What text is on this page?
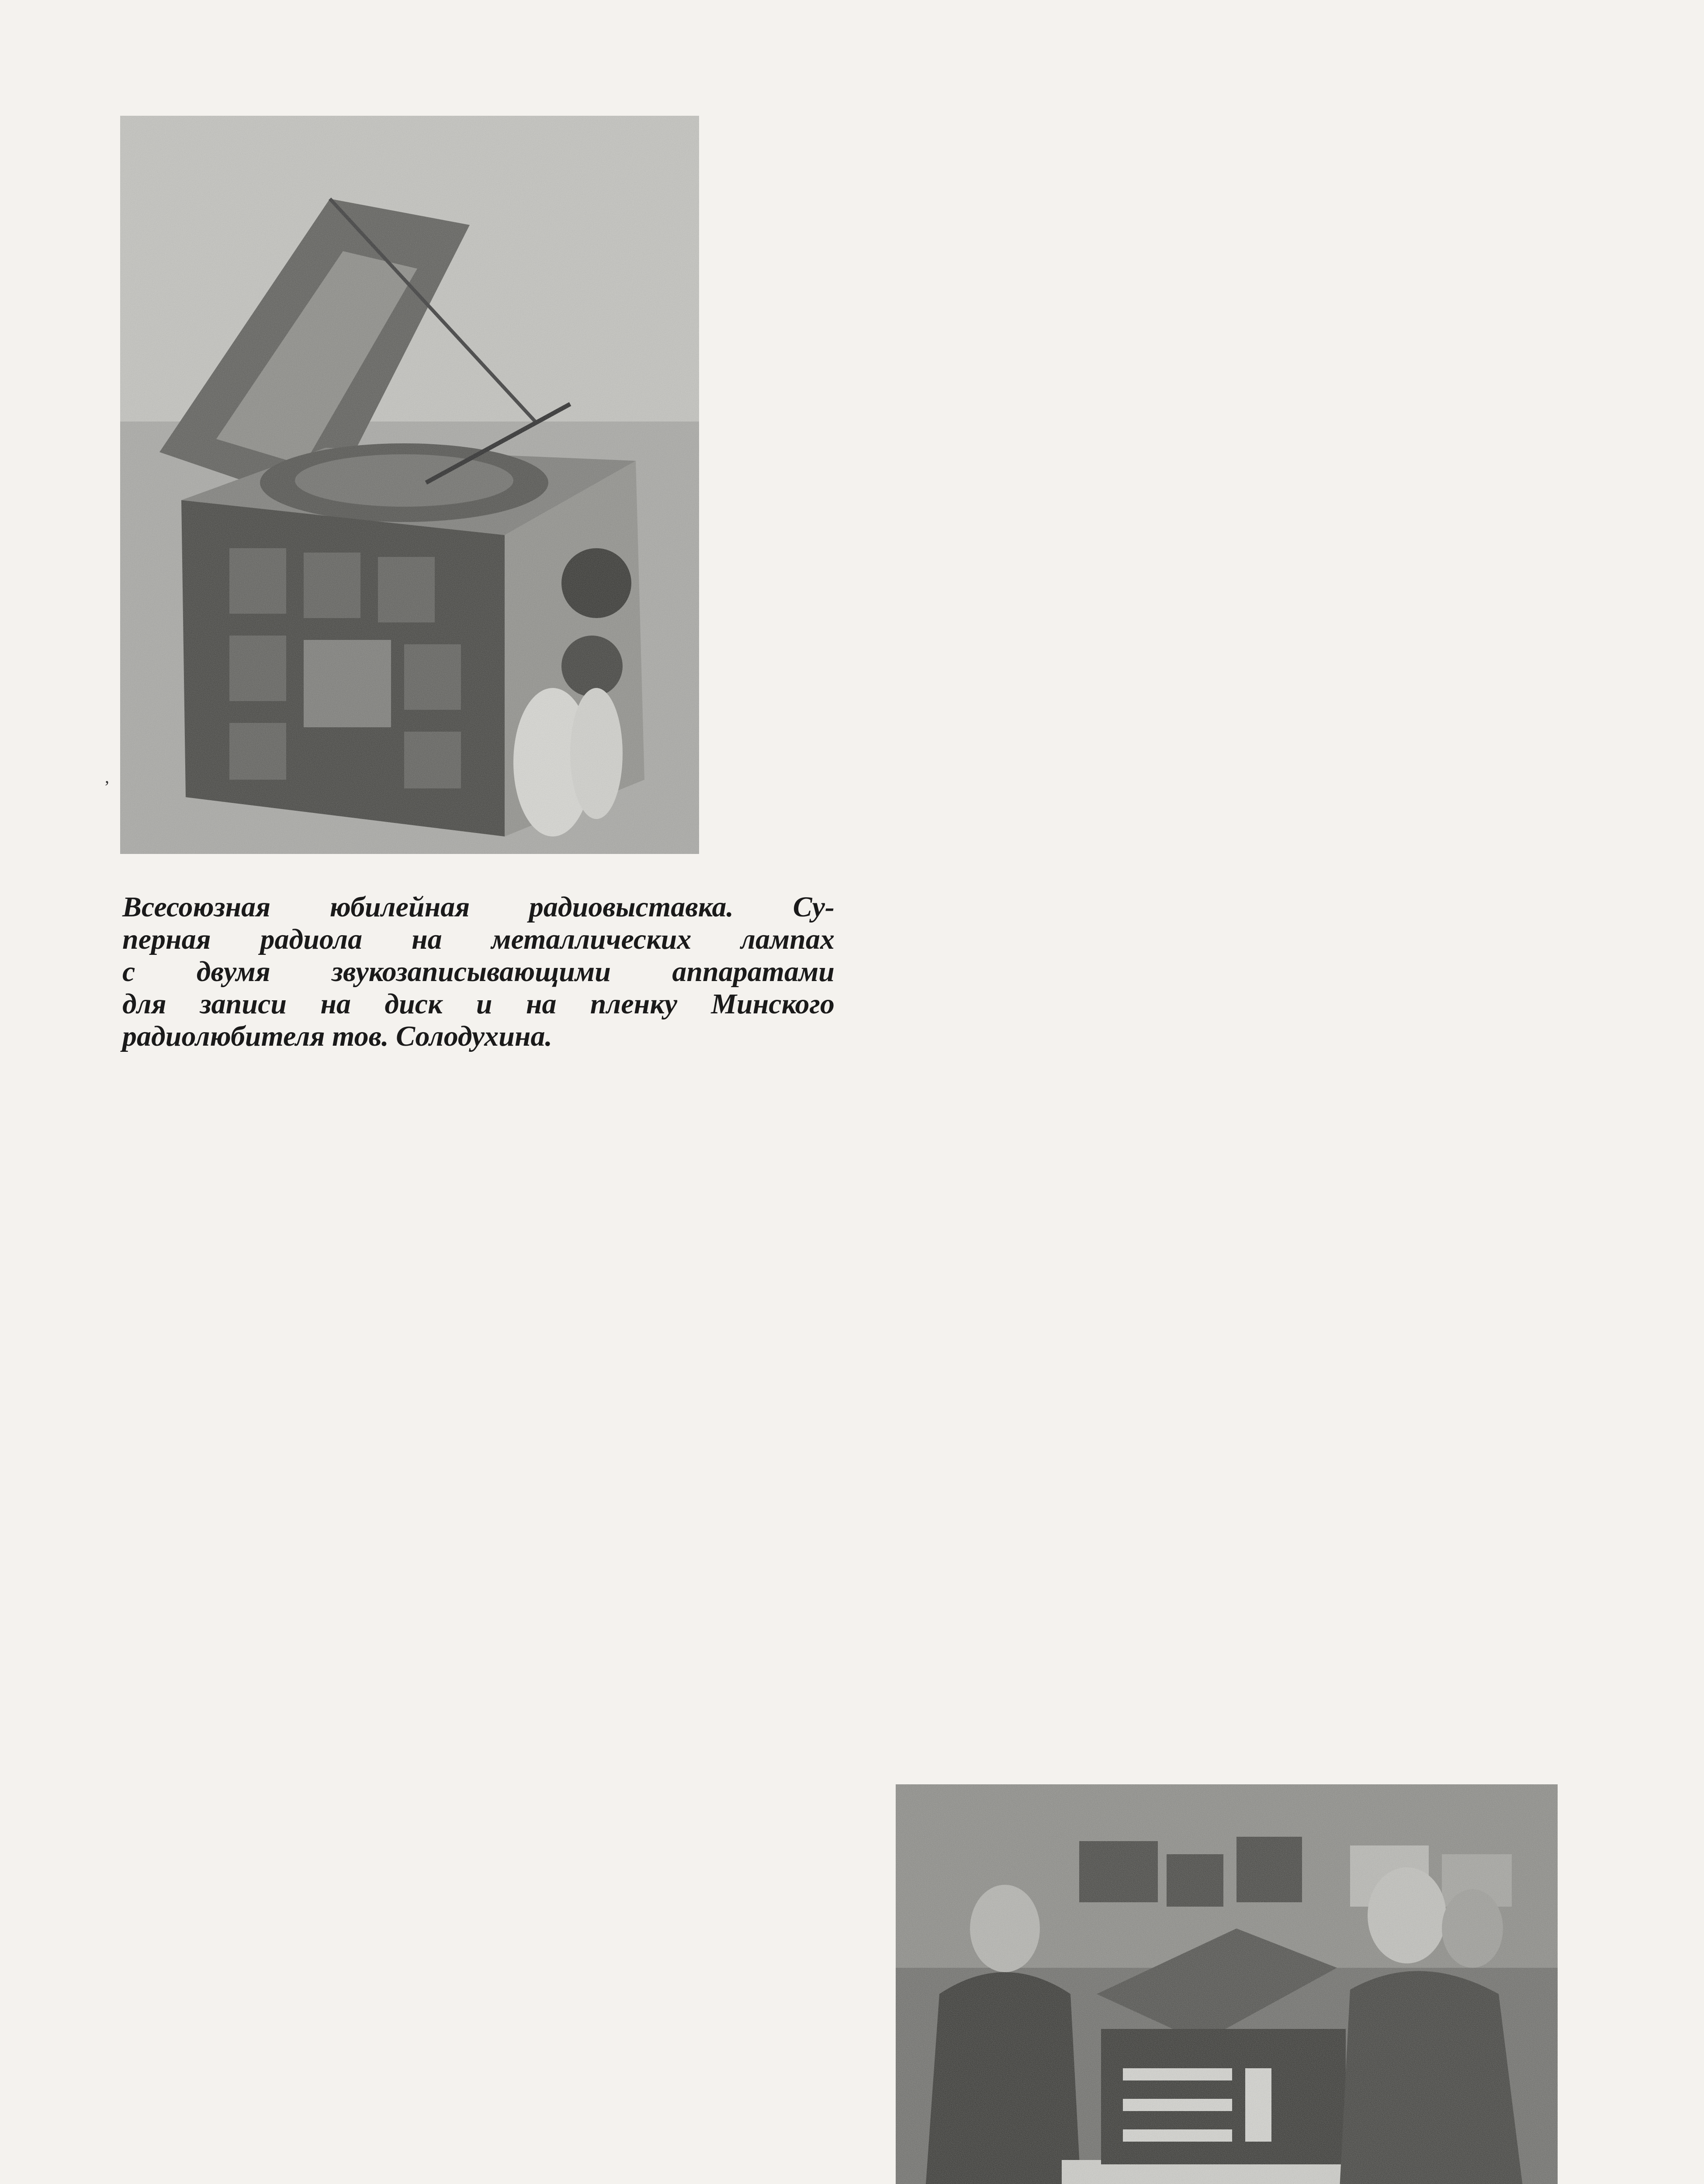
,

Всесоюзная юбилейная радиовыставка. Су-
перная радиола на металлических лампах
с двумя звукозаписывающими аппаратами
для записи на диск и на пленку Минского
радиолюбителя тов. Солодухина.
